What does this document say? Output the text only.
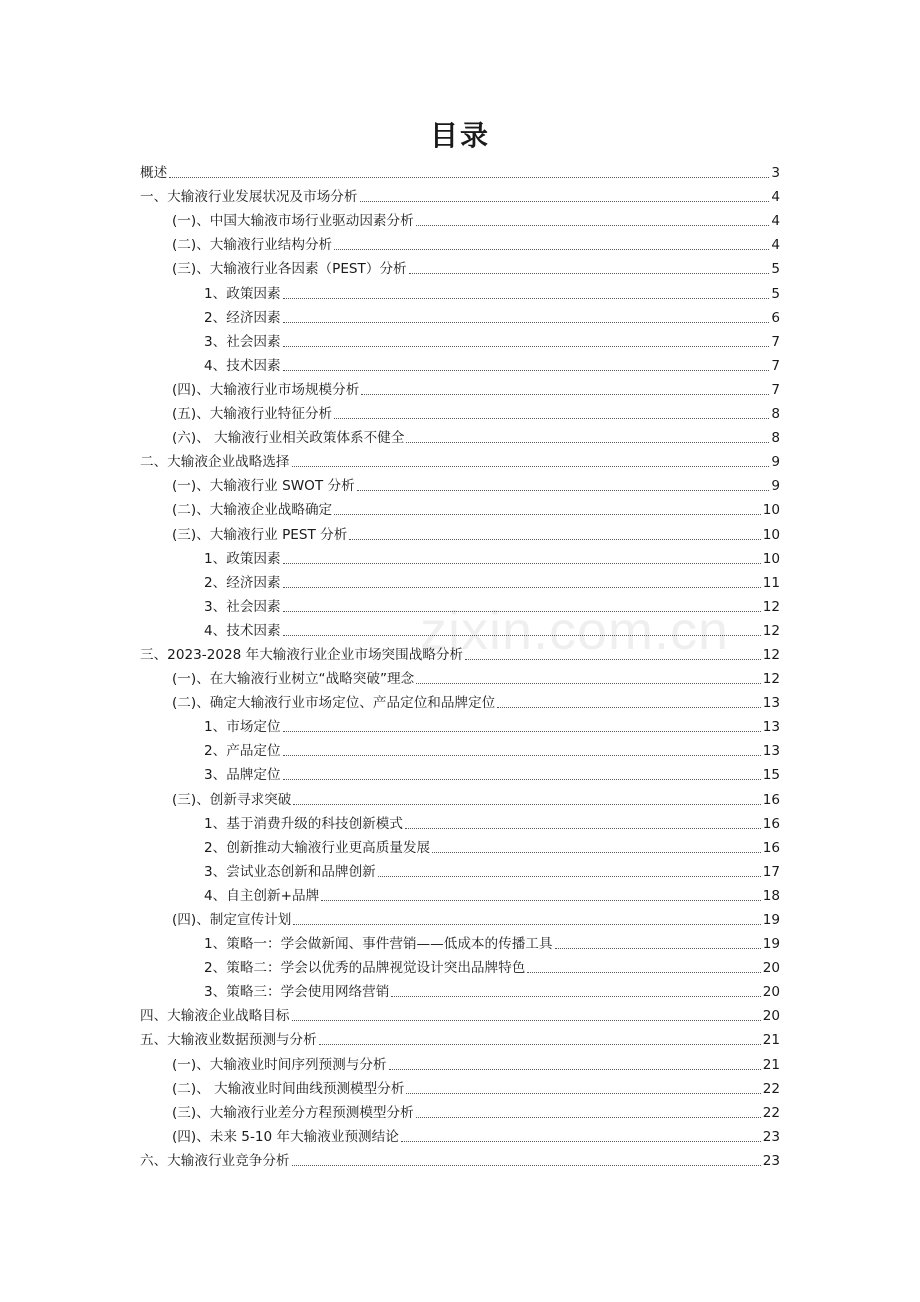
目录
概述	3
一、大输液行业发展状况及市场分析	4
(一)、中国大输液市场行业驱动因素分析	4
(二)、大输液行业结构分析	4
(三)、大输液行业各因素（PEST）分析	5
1、政策因素	5
2、经济因素	6
3、社会因素	7
4、技术因素	7
(四)、大输液行业市场规模分析	7
(五)、大输液行业特征分析	8
(六)、 大输液行业相关政策体系不健全	8
二、大输液企业战略选择	9
(一)、大输液行业 SWOT 分析	9
(二)、大输液企业战略确定	10
(三)、大输液行业 PEST 分析	10
1、政策因素	10
2、经济因素	11
3、社会因素	12
4、技术因素	12
三、2023-2028 年大输液行业企业市场突围战略分析	12
(一)、在大输液行业树立“战略突破”理念	12
(二)、确定大输液行业市场定位、产品定位和品牌定位	13
1、市场定位	13
2、产品定位	13
3、品牌定位	15
(三)、创新寻求突破	16
1、基于消费升级的科技创新模式	16
2、创新推动大输液行业更高质量发展	16
3、尝试业态创新和品牌创新	17
4、自主创新+品牌	18
(四)、制定宣传计划	19
1、策略一：学会做新闻、事件营销——低成本的传播工具	19
2、策略二：学会以优秀的品牌视觉设计突出品牌特色	20
3、策略三：学会使用网络营销	20
四、大输液企业战略目标	20
五、大输液业数据预测与分析	21
(一)、大输液业时间序列预测与分析	21
(二)、 大输液业时间曲线预测模型分析	22
(三)、大输液行业差分方程预测模型分析	22
(四)、未来 5-10 年大输液业预测结论	23
六、大输液行业竞争分析	23
zixin.com.cn
